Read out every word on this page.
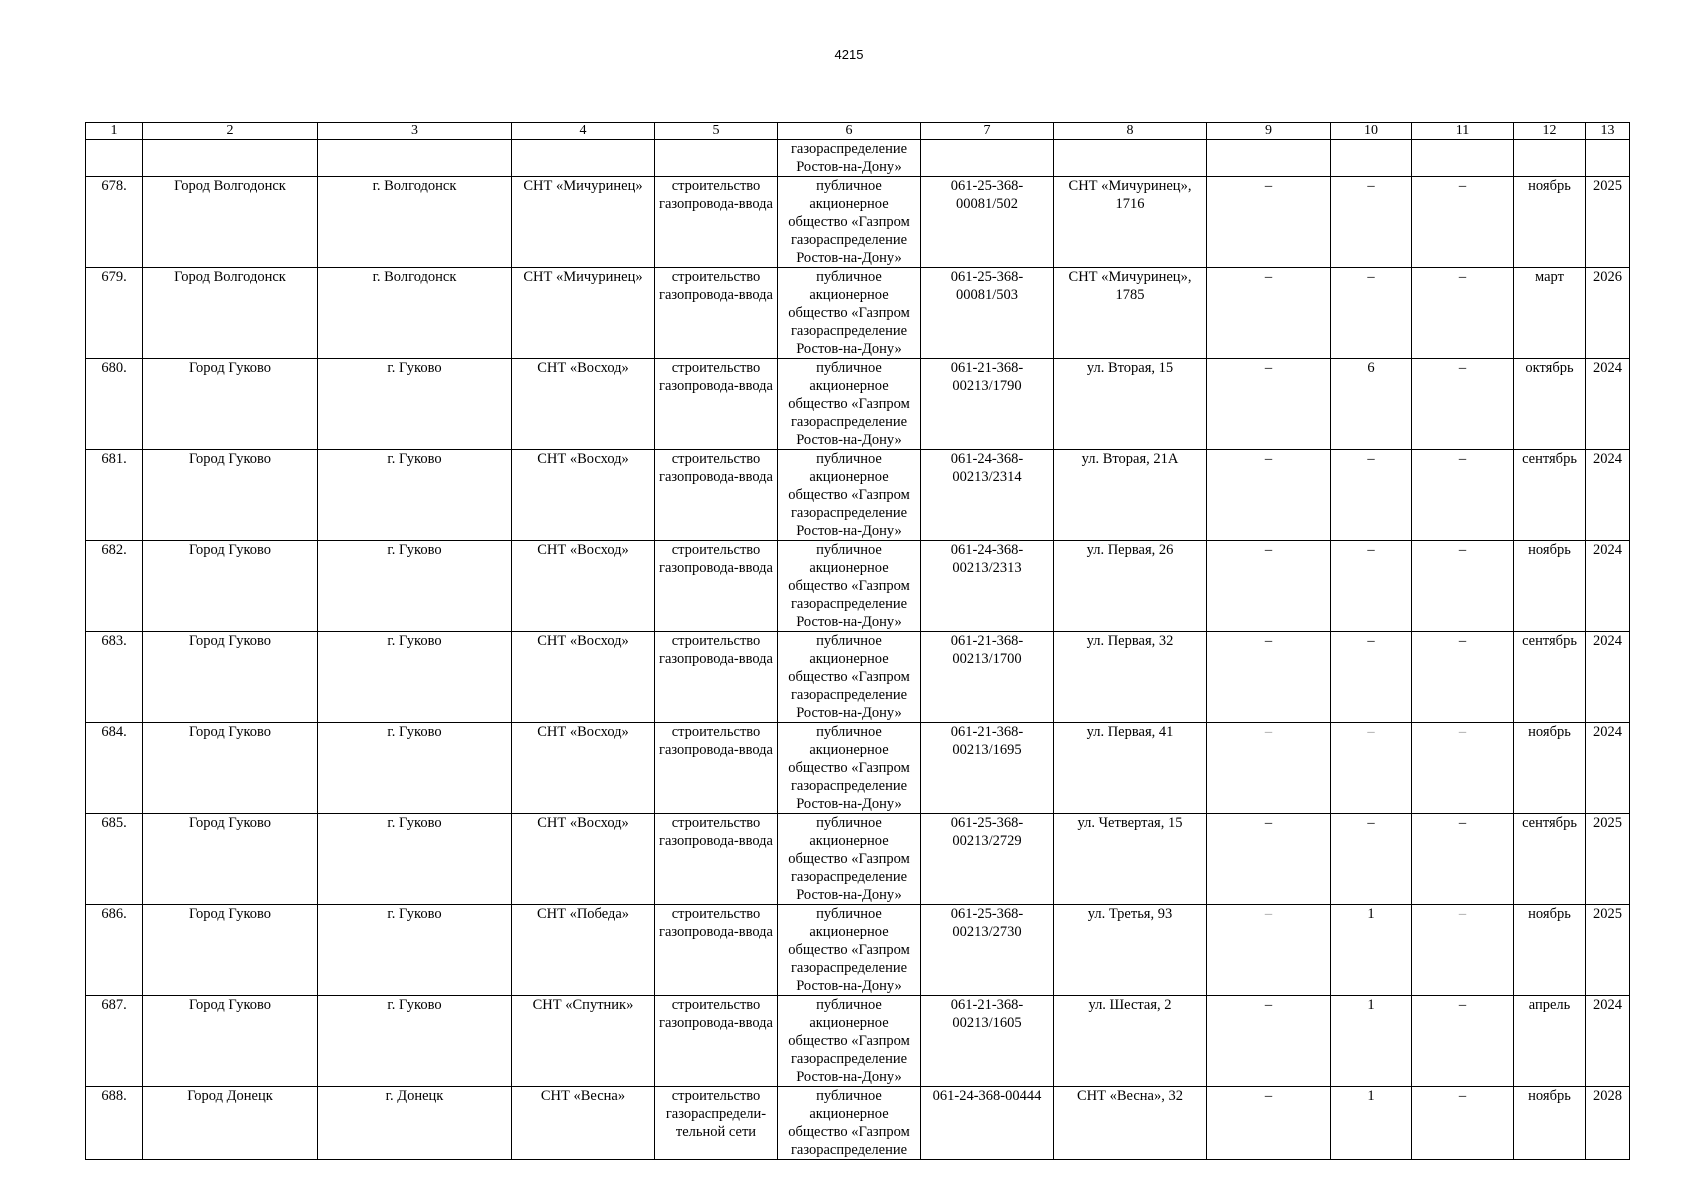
4215
1	2	3	4	5	6	7	8	9	10	11	12	13
					газораспределение Ростов-на-Дону»							
678.	Город Волгодонск	г. Волгодонск	СНТ «Мичуринец»	строительство газопровода-ввода	публичное акционерное общество «Газпром газораспределение Ростов-на-Дону»	061-25-368-00081/502	СНТ «Мичуринец», 1716	–	–	–	ноябрь	2025
679.	Город Волгодонск	г. Волгодонск	СНТ «Мичуринец»	строительство газопровода-ввода	публичное акционерное общество «Газпром газораспределение Ростов-на-Дону»	061-25-368-00081/503	СНТ «Мичуринец», 1785	–	–	–	март	2026
680.	Город Гуково	г. Гуково	СНТ «Восход»	строительство газопровода-ввода	публичное акционерное общество «Газпром газораспределение Ростов-на-Дону»	061-21-368-00213/1790	ул. Вторая, 15	–	6	–	октябрь	2024
681.	Город Гуково	г. Гуково	СНТ «Восход»	строительство газопровода-ввода	публичное акционерное общество «Газпром газораспределение Ростов-на-Дону»	061-24-368-00213/2314	ул. Вторая, 21А	–	–	–	сентябрь	2024
682.	Город Гуково	г. Гуково	СНТ «Восход»	строительство газопровода-ввода	публичное акционерное общество «Газпром газораспределение Ростов-на-Дону»	061-24-368-00213/2313	ул. Первая, 26	–	–	–	ноябрь	2024
683.	Город Гуково	г. Гуково	СНТ «Восход»	строительство газопровода-ввода	публичное акционерное общество «Газпром газораспределение Ростов-на-Дону»	061-21-368-00213/1700	ул. Первая, 32	–	–	–	сентябрь	2024
684.	Город Гуково	г. Гуково	СНТ «Восход»	строительство газопровода-ввода	публичное акционерное общество «Газпром газораспределение Ростов-на-Дону»	061-21-368-00213/1695	ул. Первая, 41	–	–	–	ноябрь	2024
685.	Город Гуково	г. Гуково	СНТ «Восход»	строительство газопровода-ввода	публичное акционерное общество «Газпром газораспределение Ростов-на-Дону»	061-25-368-00213/2729	ул. Четвертая, 15	–	–	–	сентябрь	2025
686.	Город Гуково	г. Гуково	СНТ «Победа»	строительство газопровода-ввода	публичное акционерное общество «Газпром газораспределение Ростов-на-Дону»	061-25-368-00213/2730	ул. Третья, 93	–	1	–	ноябрь	2025
687.	Город Гуково	г. Гуково	СНТ «Спутник»	строительство газопровода-ввода	публичное акционерное общество «Газпром газораспределение Ростов-на-Дону»	061-21-368-00213/1605	ул. Шестая, 2	–	1	–	апрель	2024
688.	Город Донецк	г. Донецк	СНТ «Весна»	строительство газораспредели-тельной сети	публичное акционерное общество «Газпром газораспределение	061-24-368-00444	СНТ «Весна», 32	–	1	–	ноябрь	2028
